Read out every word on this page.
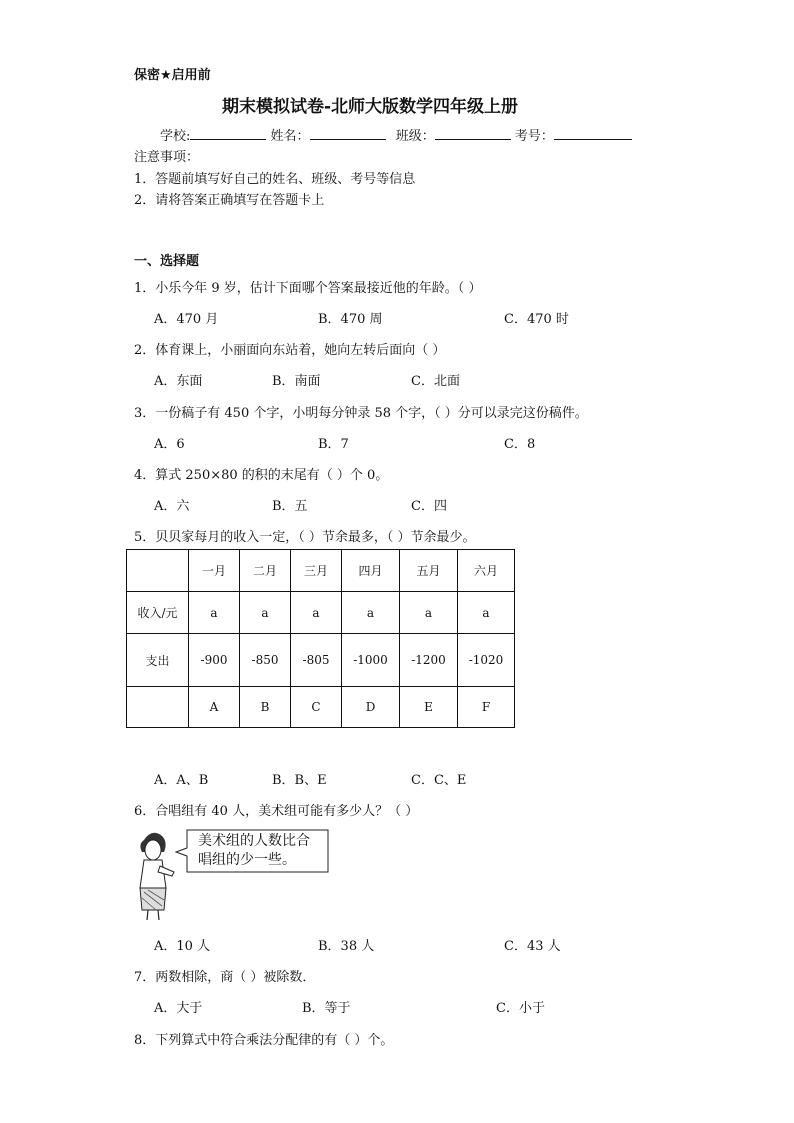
保密★启用前
期末模拟试卷-北师大版数学四年级上册
学校:	姓名：	班级：	考号：
注意事项：
1．答题前填写好自己的姓名、班级、考号等信息
2．请将答案正确填写在答题卡上
一、选择题
1．小乐今年 9 岁，估计下面哪个答案最接近他的年龄。（ ）
A．470 月	B．470 周	C．470 时
2．体育课上，小丽面向东站着，她向左转后面向（ ）
A．东面	B．南面	C．北面
3．一份稿子有 450 个字，小明每分钟录 58 个字，（ ）分可以录完这份稿件。
A．6	B．7	C．8
4．算式 250×80 的积的末尾有（ ）个 0。
A．六	B．五	C．四
5．贝贝家每月的收入一定，（ ）节余最多，（ ）节余最少。
	一月	二月	三月	四月	五月	六月
收入/元	a	a	a	a	a	a
支出	-900	-850	-805	-1000	-1200	-1020
	A	B	C	D	E	F
A．A、B	B．B、E	C．C、E
6．合唱组有 40 人，美术组可能有多少人？（ ）
美术组的人数比合
唱组的少一些。
A．10 人	B．38 人	C．43 人
7．两数相除，商（ ）被除数．
A．大于	B．等于	C．小于
8．下列算式中符合乘法分配律的有（ ）个。
